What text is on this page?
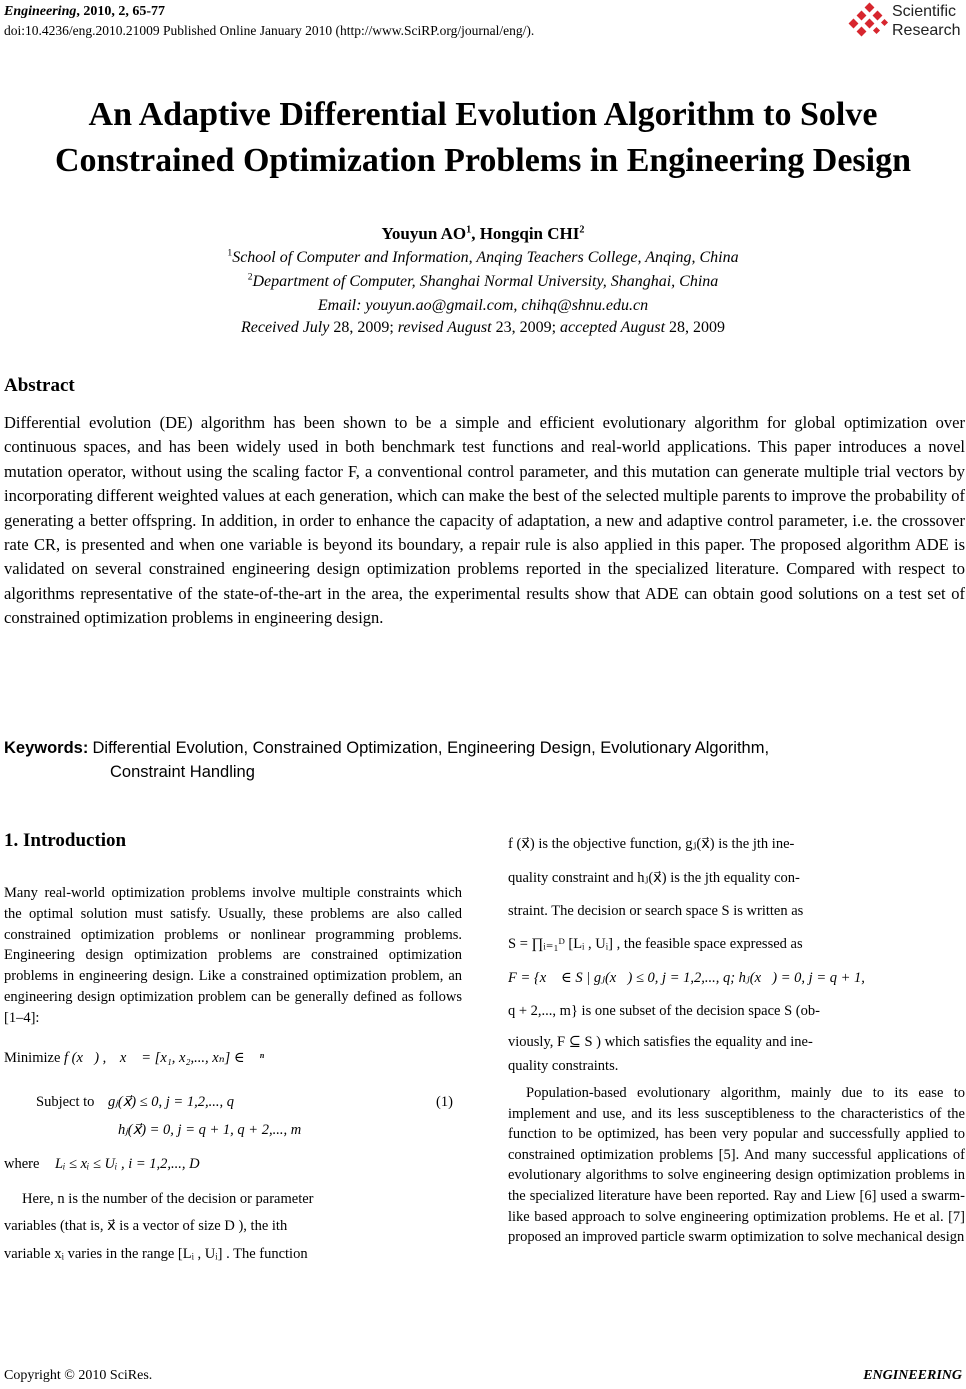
Engineering, 2010, 2, 65-77
doi:10.4236/eng.2010.21009 Published Online January 2010 (http://www.SciRP.org/journal/eng/).
Scientific
Research
An Adaptive Differential Evolution Algorithm to Solve
Constrained Optimization Problems in Engineering Design
Youyun $AO^1$, Hongqin CHI$^2$
$^1$School of Computer and Information, Anqing Teachers College, Anqing, China
$^2$Department of Computer, Shanghai Normal University, Shanghai, China
Email: youyun.ao@gmail.com, chihq@shnu.edu.cn
Received July 28, 2009; revised August 23, 2009; accepted August 28, 2009
Abstract
Differential evolution (DE) algorithm has been shown to be a simple and efficient evolutionary algorithm for global optimization over continuous spaces, and has been widely used in both benchmark test functions and real-world applications. This paper introduces a novel mutation operator, without using the scaling factor F, a conventional control parameter, and this mutation can generate multiple trial vectors by incorporating different weighted values at each generation, which can make the best of the selected multiple parents to improve the probability of generating a better offspring. In addition, in order to enhance the capacity of adaptation, a new and adaptive control parameter, i.e. the crossover rate CR, is presented and when one variable is beyond its boundary, a repair rule is also applied in this paper. The proposed algorithm ADE is validated on several constrained engineering design optimization problems reported in the specialized literature. Compared with respect to algorithms representative of the state-of-the-art in the area, the experimental results show that ADE can obtain good solutions on a test set of constrained optimization problems in engineering design.
Keywords: Differential Evolution, Constrained Optimization, Engineering Design, Evolutionary Algorithm,
Constraint Handling
1. Introduction
Many real-world optimization problems involve multiple constraints which the optimal solution must satisfy. Usually, these problems are also called constrained optimization problems or nonlinear programming problems. Engineering design optimization problems are constrained optimization problems in engineering design. Like a constrained optimization problem, an engineering design optimization problem can be generally defined as follows [1–4]:
Minimize f (x⃗) , x⃗ = [x₁, x₂,..., xₙ] ∈ ℜⁿ
Subject to gⱼ(x⃗) ≤ 0, j = 1,2,..., q	(1)
hⱼ(x⃗) = 0, j = q + 1, q + 2,..., m
where Lᵢ ≤ xᵢ ≤ Uᵢ , i = 1,2,..., D
Here, n is the number of the decision or parameter
variables (that is, x⃗ is a vector of size D ), the ith
variable xᵢ varies in the range [Lᵢ , Uᵢ] . The function
f (x⃗) is the objective function, gⱼ(x⃗) is the jth ine-
quality constraint and hⱼ(x⃗) is the jth equality con-
straint. The decision or search space S is written as
S = ∏ᵢ₌₁ᴰ [Lᵢ , Uᵢ] , the feasible space expressed as
F = {x⃗ ∈ S | gⱼ(x⃗) ≤ 0, j = 1,2,..., q; hⱼ(x⃗) = 0, j = q + 1,
q + 2,..., m} is one subset of the decision space S (ob-
viously, F ⊆ S ) which satisfies the equality and ine-
quality constraints.
Population-based evolutionary algorithm, mainly due to its ease to implement and use, and its less susceptibleness to the characteristics of the function to be optimized, has been very popular and successfully applied to constrained optimization problems [5]. And many successful applications of evolutionary algorithms to solve engineering design optimization problems in the specialized literature have been reported. Ray and Liew [6] used a swarm-like based approach to solve engineering optimization problems. He et al. [7] proposed an improved particle swarm optimization to solve mechanical design
Copyright © 2010 SciRes.	ENGINEERING
